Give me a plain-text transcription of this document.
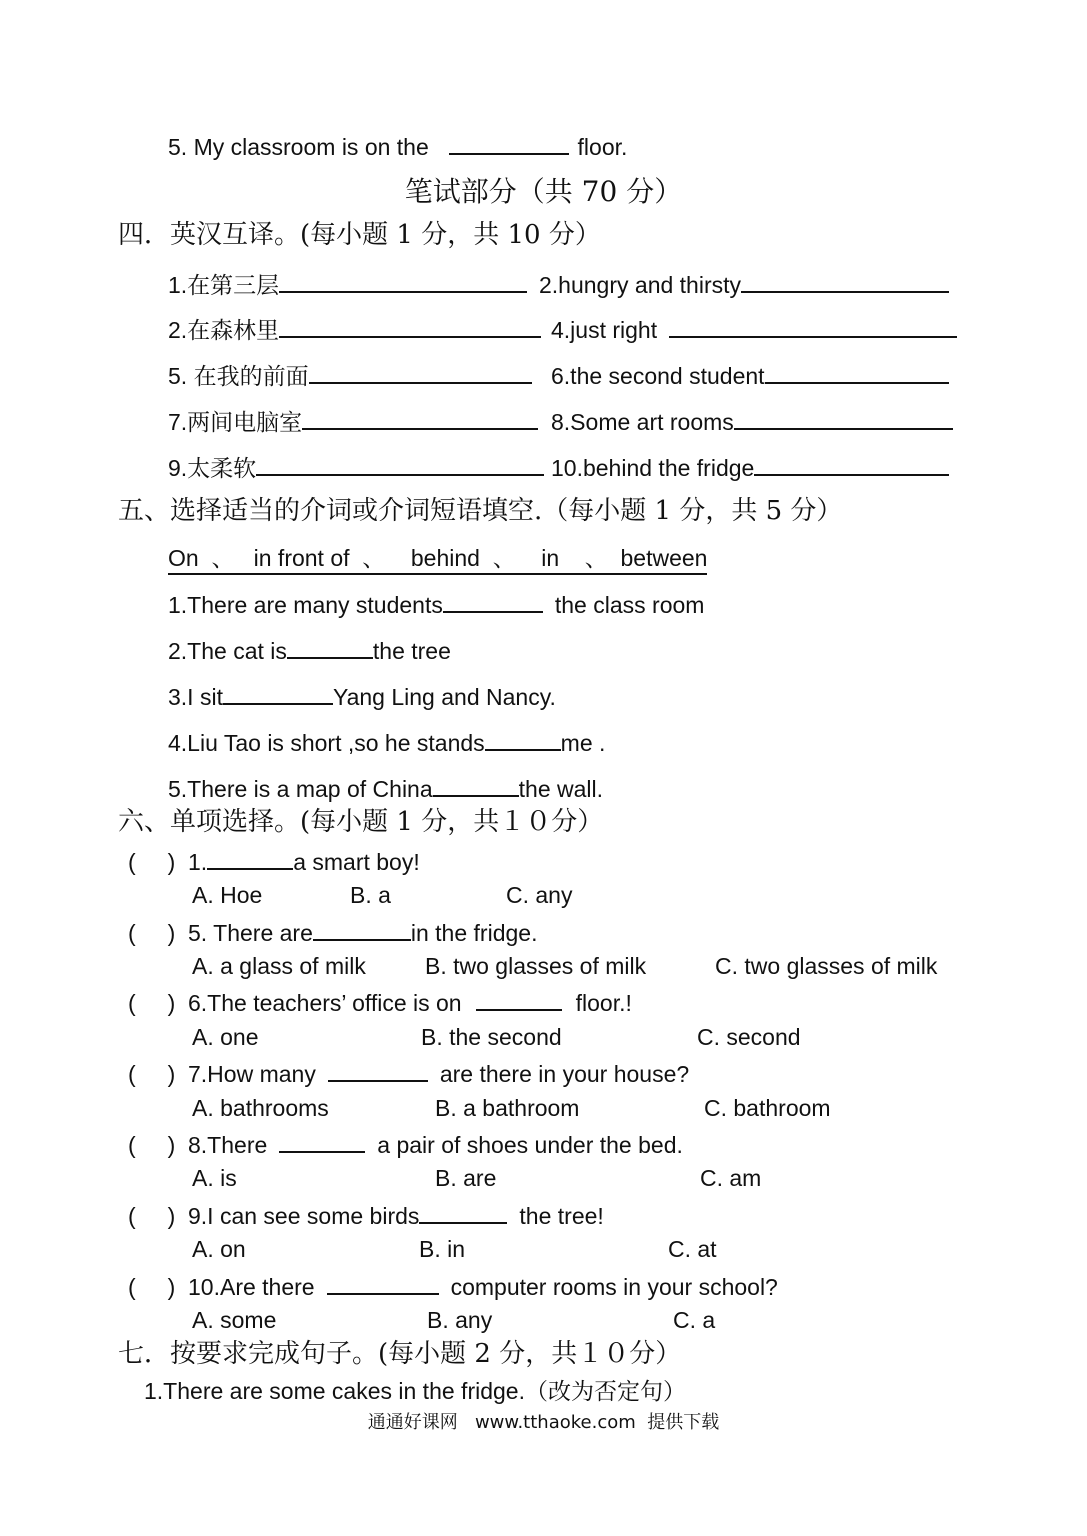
5. My classroom is on the	floor.
笔试部分（共 70 分）
四．英汉互译。(每小题 1 分，共 10 分）
1.在第三层	2.hungry and thirsty
2.在森林里	4.just right
5. 在我的前面	6.the second student
7.两间电脑室	8.Some art rooms
9.太柔软	10.behind the fridge
五、选择适当的介词或介词短语填空.（每小题 1 分，共 5 分）
On  、   in front of  、    behind  、    in    、  between
1.There are many students	the class room
2.The cat is	the tree
3.I sit	Yang Ling and Nancy.
4.Liu Tao is short ,so he stands	me .
5.There is a map of China	the wall.
六、单项选择。(每小题 1 分，共１０分）
(     ) 1.	a smart boy!
A. Hoe	B. a	C. any
(     ) 5. There are	in the fridge.
A. a glass of milk	B. two glasses of milk	C. two glasses of milk
(     ) 6.The teachers’ office is on	floor.!
A. one	B. the second	C. second
(     ) 7.How many	are there in your house?
A. bathrooms	B. a bathroom	C. bathroom
(     ) 8.There	a pair of shoes under the bed.
A. is	B. are	C. am
(     ) 9.I can see some birds	the tree!
A. on	B. in	C. at
(     ) 10.Are there	computer rooms in your school?
A. some	B. any	C. a
七．按要求完成句子。(每小题 2 分，共１０分）
1.There are some cakes in the fridge.（改为否定句）
通通好课网   www.tthaoke.com  提供下载
